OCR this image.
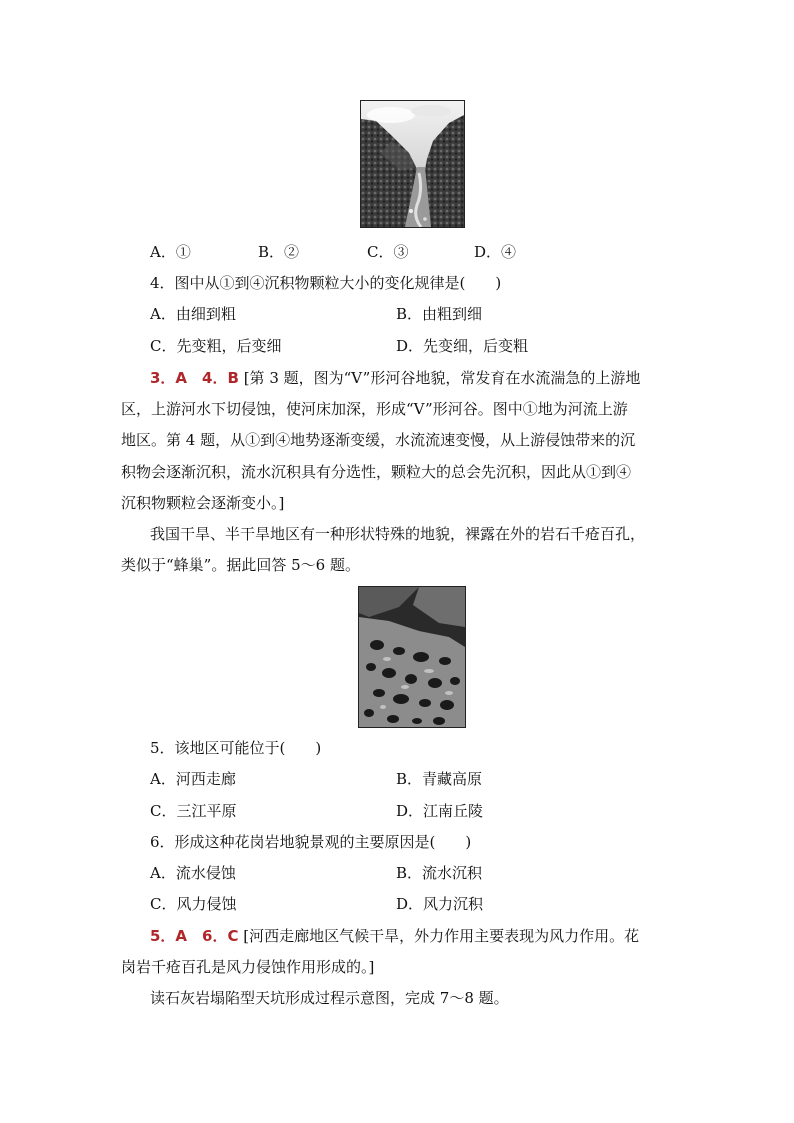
A．①	B．②	C．③	D．④
4．图中从①到④沉积物颗粒大小的变化规律是(　　)
A．由细到粗	B．由粗到细
C．先变粗，后变细	D．先变细，后变粗
3．A　4．B [第 3 题，图为“V”形河谷地貌，常发育在水流湍急的上游地
区，上游河水下切侵蚀，使河床加深，形成“V”形河谷。图中①地为河流上游
地区。第 4 题，从①到④地势逐渐变缓，水流流速变慢，从上游侵蚀带来的沉
积物会逐渐沉积，流水沉积具有分选性，颗粒大的总会先沉积，因此从①到④
沉积物颗粒会逐渐变小。]
我国干旱、半干旱地区有一种形状特殊的地貌，裸露在外的岩石千疮百孔，
类似于“蜂巢”。据此回答 5～6 题。
5．该地区可能位于(　　)
A．河西走廊	B．青藏高原
C．三江平原	D．江南丘陵
6．形成这种花岗岩地貌景观的主要原因是(　　)
A．流水侵蚀	B．流水沉积
C．风力侵蚀	D．风力沉积
5．A　6．C [河西走廊地区气候干旱，外力作用主要表现为风力作用。花
岗岩千疮百孔是风力侵蚀作用形成的。]
读石灰岩塌陷型天坑形成过程示意图，完成 7～8 题。
